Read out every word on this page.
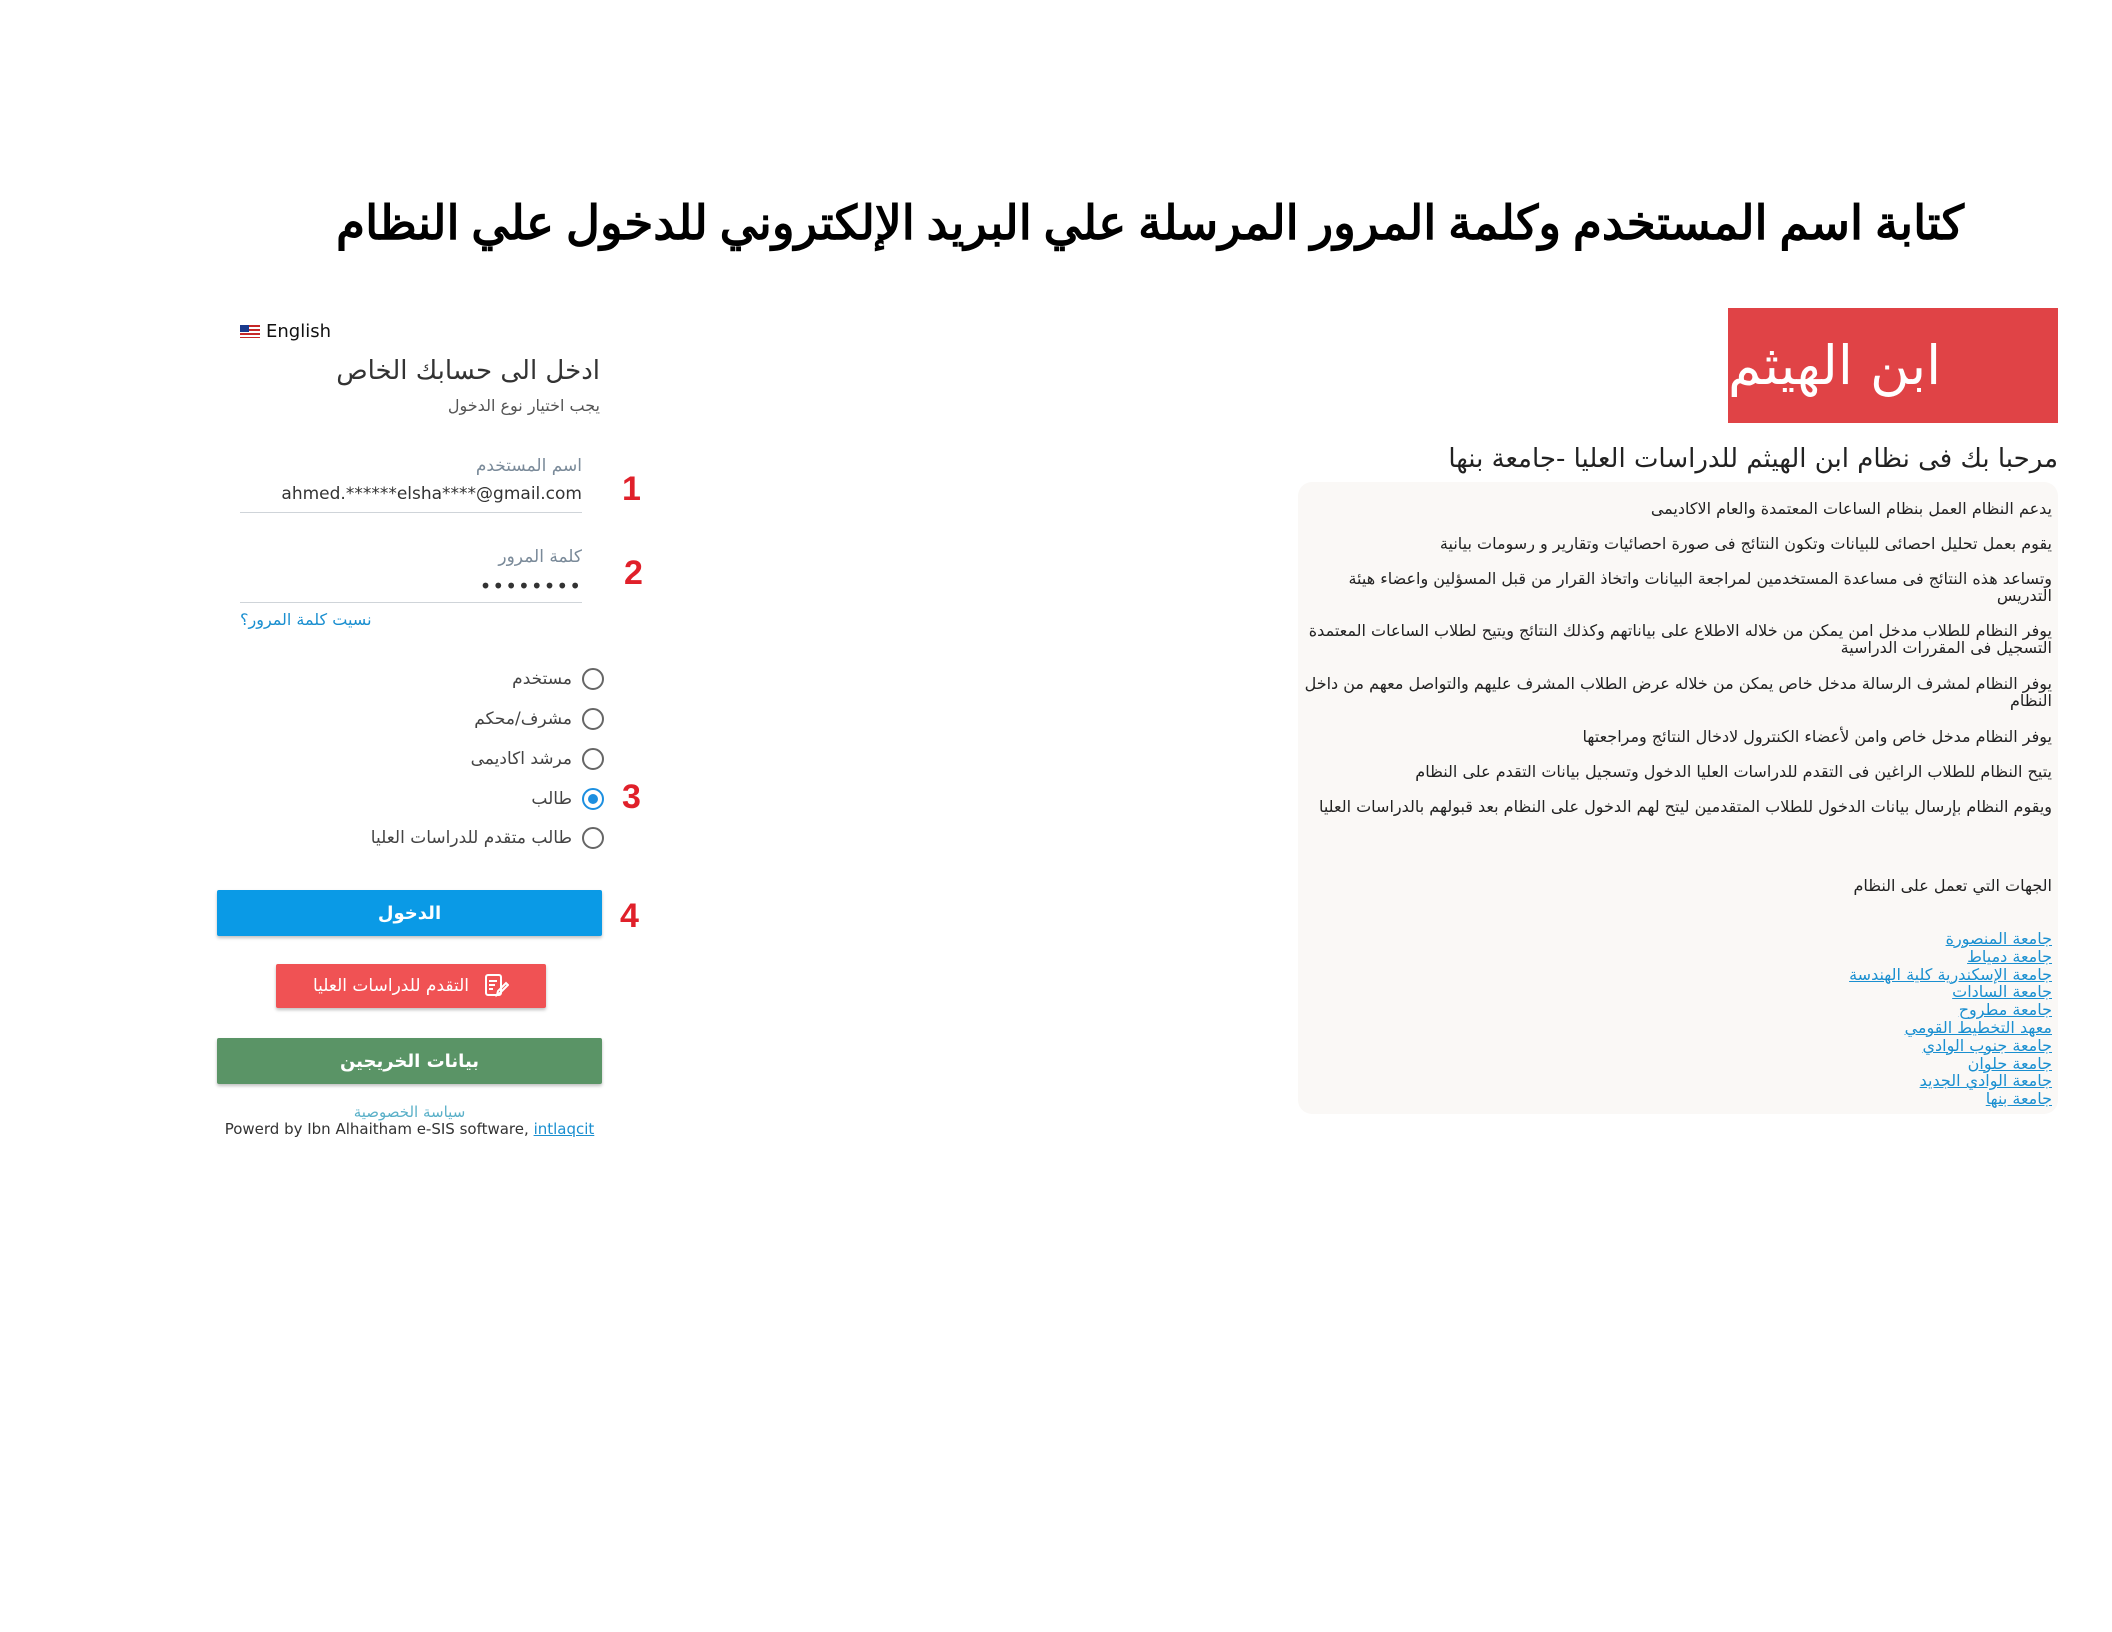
كتابة اسم المستخدم وكلمة المرور المرسلة علي البريد الإلكتروني للدخول علي النظام
English
ادخل الى حسابك الخاص
يجب اختيار نوع الدخول
اسم المستخدم
ahmed.******elsha****@gmail.com 1
كلمة المرور
•••••••• 2
نسيت كلمة المرور؟
مستخدم
مشرف/محكم
مرشد اكاديمى
طالب 3
طالب متقدم للدراسات العليا
الدخول	4
التقدم للدراسات العليا
بيانات الخريجين
سياسة الخصوصية
Powerd by Ibn Alhaitham e-SIS software, intlaqcit
ابن الهيثم
مرحبا بك فى نظام ابن الهيثم للدراسات العليا -جامعة بنها
يدعم النظام العمل بنظام الساعات المعتمدة والعام الاكاديمى
يقوم بعمل تحليل احصائى للبيانات وتكون النتائج فى صورة احصائيات وتقارير و رسومات بيانية
وتساعد هذه النتائج فى مساعدة المستخدمين لمراجعة البيانات واتخاذ القرار من قبل المسؤلين واعضاء هيئة التدريس
يوفر النظام للطلاب مدخل امن يمكن من خلاله الاطلاع على بياناتهم وكذلك النتائج ويتيح لطلاب الساعات المعتمدة التسجيل فى المقررات الدراسية
يوفر النظام لمشرف الرسالة مدخل خاص يمكن من خلاله عرض الطلاب المشرف عليهم والتواصل معهم من داخل النظام
يوفر النظام مدخل خاص وامن لأعضاء الكنترول لادخال النتائج ومراجعتها
يتيح النظام للطلاب الراغين فى التقدم للدراسات العليا الدخول وتسجيل بيانات التقدم على النظام
ويقوم النظام بإرسال بيانات الدخول للطلاب المتقدمين ليتح لهم الدخول على النظام بعد قبولهم بالدراسات العليا
الجهات التي تعمل على النظام
جامعة المنصورة
جامعة دمياط
جامعة الإسكندرية كلية الهندسة
جامعة السادات
جامعة مطروح
معهد التخطيط القومي
جامعة جنوب الوادي
جامعة حلوان
جامعة الوادي الجديد
جامعة بنها
